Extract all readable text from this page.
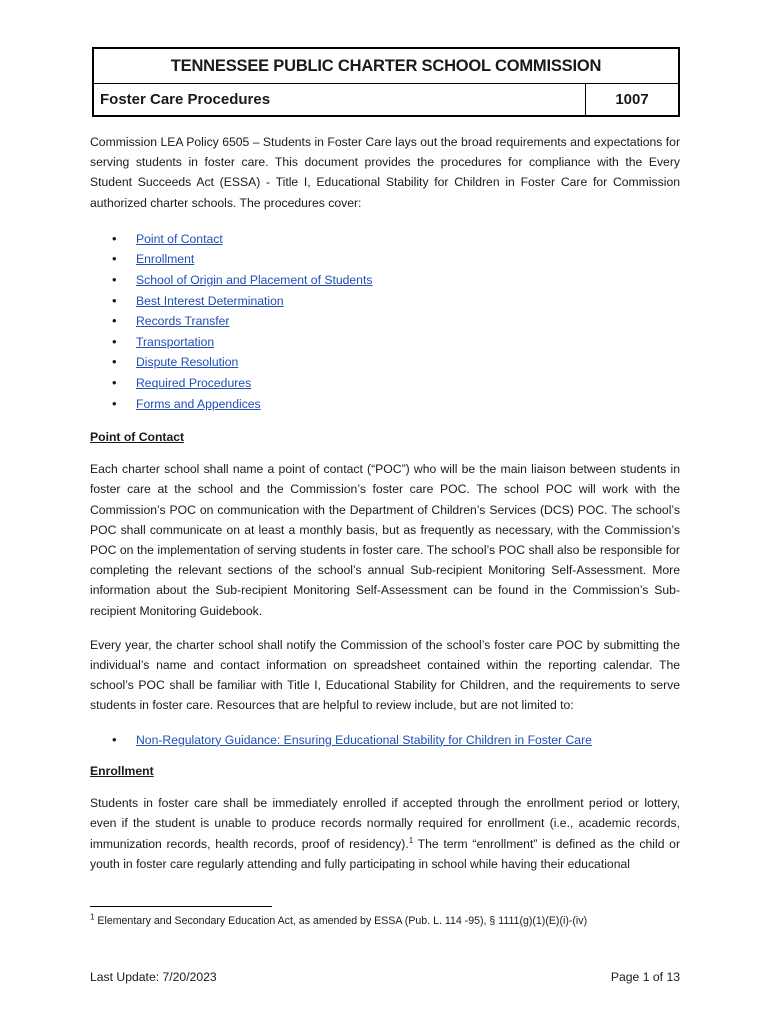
TENNESSEE PUBLIC CHARTER SCHOOL COMMISSION
Foster Care Procedures	1007

Commission LEA Policy 6505 – Students in Foster Care lays out the broad requirements and expectations for serving students in foster care. This document provides the procedures for compliance with the Every Student Succeeds Act (ESSA) - Title I, Educational Stability for Children in Foster Care for Commission authorized charter schools. The procedures cover:

• Point of Contact
• Enrollment
• School of Origin and Placement of Students
• Best Interest Determination
• Records Transfer
• Transportation
• Dispute Resolution
• Required Procedures
• Forms and Appendices
Point of Contact

Each charter school shall name a point of contact (“POC”) who will be the main liaison between students in foster care at the school and the Commission’s foster care POC. The school POC will work with the Commission’s POC on communication with the Department of Children’s Services (DCS) POC. The school’s POC shall communicate on at least a monthly basis, but as frequently as necessary, with the Commission’s POC on the implementation of serving students in foster care. The school’s POC shall also be responsible for completing the relevant sections of the school’s annual Sub-recipient Monitoring Self-Assessment. More information about the Sub-recipient Monitoring Self-Assessment can be found in the Commission’s Sub-recipient Monitoring Guidebook.

Every year, the charter school shall notify the Commission of the school’s foster care POC by submitting the individual’s name and contact information on spreadsheet contained within the reporting calendar. The school’s POC shall be familiar with Title I, Educational Stability for Children, and the requirements to serve students in foster care. Resources that are helpful to review include, but are not limited to:

• Non-Regulatory Guidance: Ensuring Educational Stability for Children in Foster Care
Enrollment

Students in foster care shall be immediately enrolled if accepted through the enrollment period or lottery, even if the student is unable to produce records normally required for enrollment (i.e., academic records, immunization records, health records, proof of residency).$^1$ The term “enrollment” is defined as the child or youth in foster care regularly attending and fully participating in school while having their educational

$^1$ Elementary and Secondary Education Act, as amended by ESSA (Pub. L. 114 -95), § 1111(g)(1)(E)(i)-(iv)
Last Update: 7/20/2023	Page 1 of 13
